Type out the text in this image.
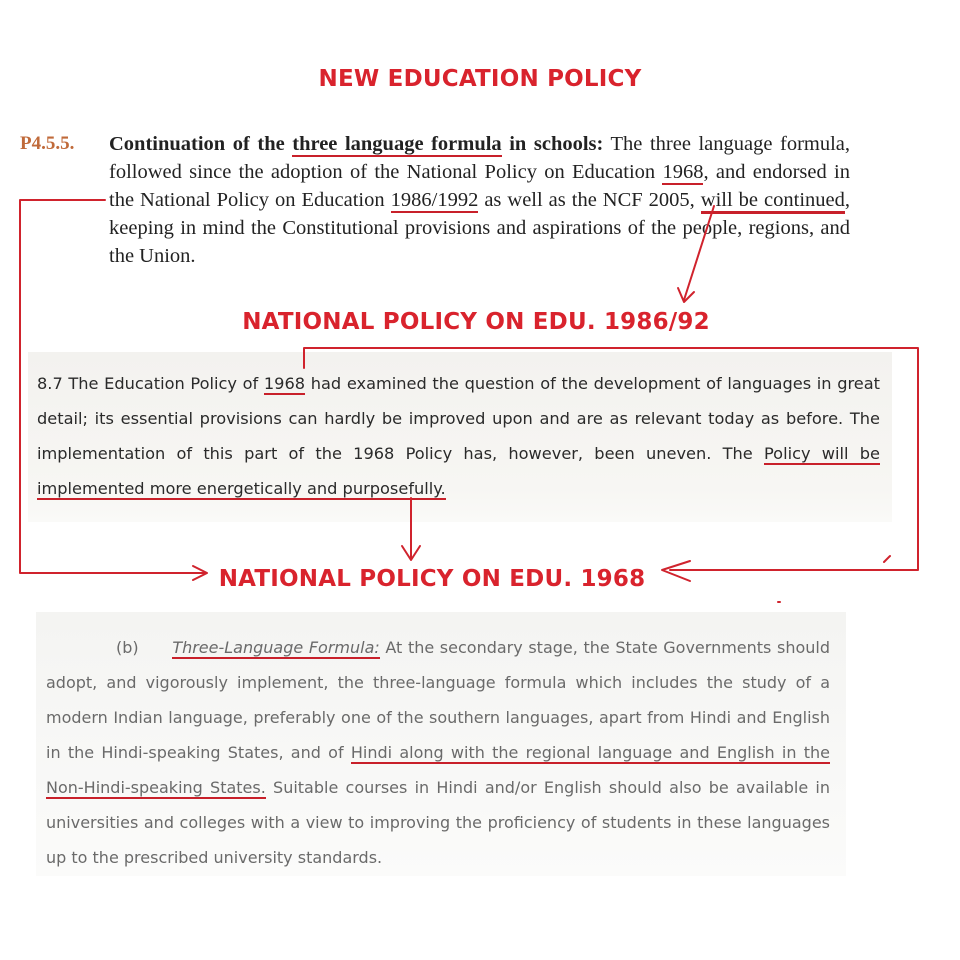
NEW EDUCATION POLICY
P4.5.5. Continuation of the three language formula in schools: The three language formula, followed since the adoption of the National Policy on Education 1968, and endorsed in the National Policy on Education 1986/1992 as well as the NCF 2005, will be continued, keeping in mind the Constitutional provisions and aspirations of the people, regions, and the Union.
NATIONAL POLICY ON EDU. 1986/92
8.7 The Education Policy of 1968 had examined the question of the development of languages in great detail; its essential provisions can hardly be improved upon and are as relevant today as before. The implementation of this part of the 1968 Policy has, however, been uneven. The Policy will be implemented more energetically and purposefully.
NATIONAL POLICY ON EDU. 1968
(b) Three-Language Formula: At the secondary stage, the State Governments should adopt, and vigorously implement, the three-language formula which includes the study of a modern Indian language, preferably one of the southern languages, apart from Hindi and English in the Hindi-speaking States, and of Hindi along with the regional language and English in the Non-Hindi-speaking States. Suitable courses in Hindi and/or English should also be available in universities and colleges with a view to improving the proficiency of students in these languages up to the prescribed university standards.
